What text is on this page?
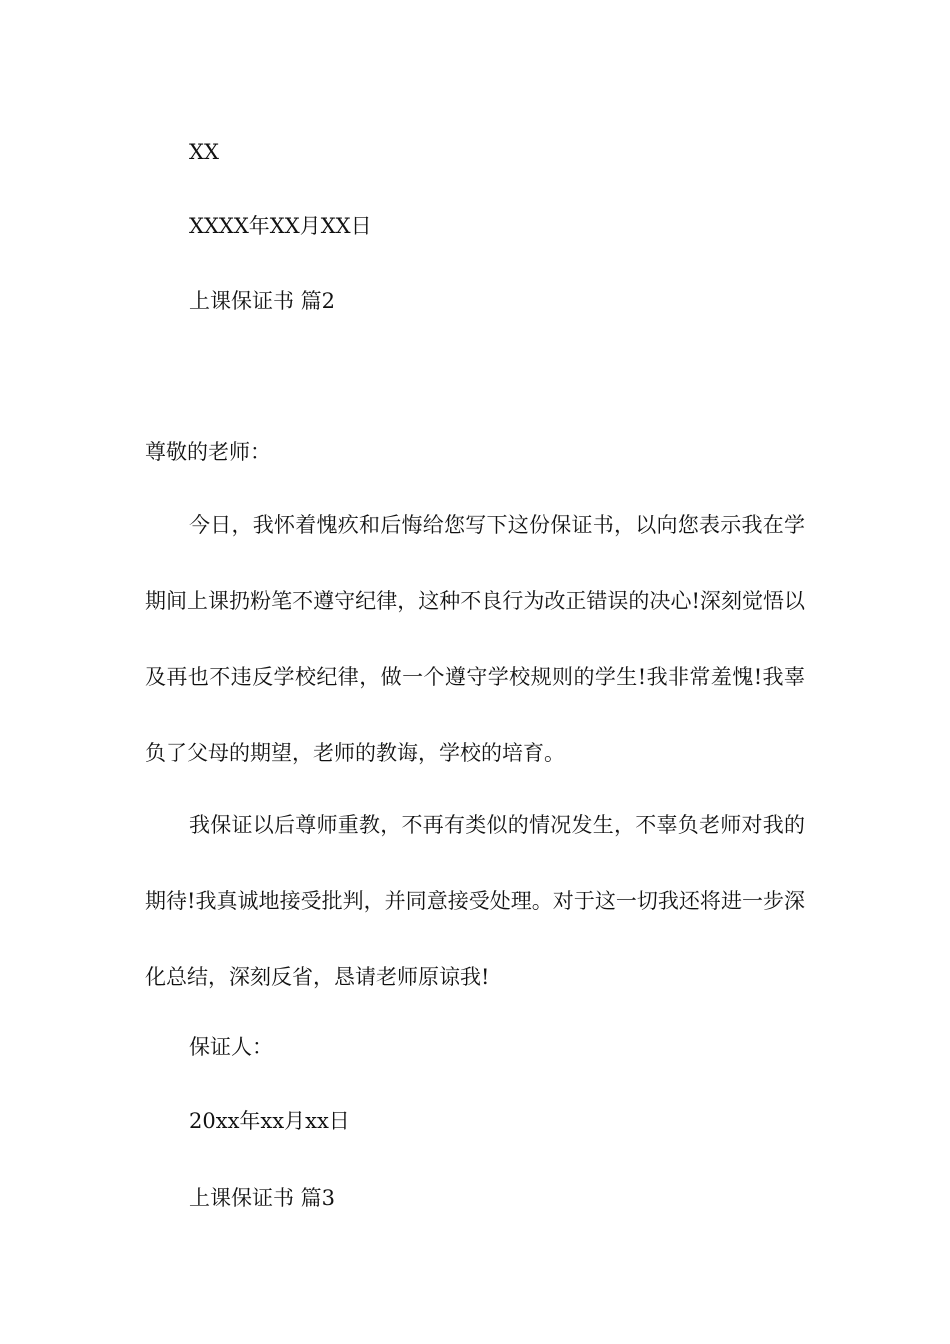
XX

XXXX年XX月XX日

上课保证书 篇2

尊敬的老师：

今日，我怀着愧疚和后悔给您写下这份保证书，以向您表示我在学期间上课扔粉笔不遵守纪律，这种不良行为改正错误的决心!深刻觉悟以及再也不违反学校纪律，做一个遵守学校规则的学生!我非常羞愧!我辜负了父母的期望，老师的教诲，学校的培育。

我保证以后尊师重教，不再有类似的情况发生，不辜负老师对我的期待!我真诚地接受批判，并同意接受处理。对于这一切我还将进一步深化总结，深刻反省，恳请老师原谅我!

保证人：

20xx年xx月xx日

上课保证书 篇3
